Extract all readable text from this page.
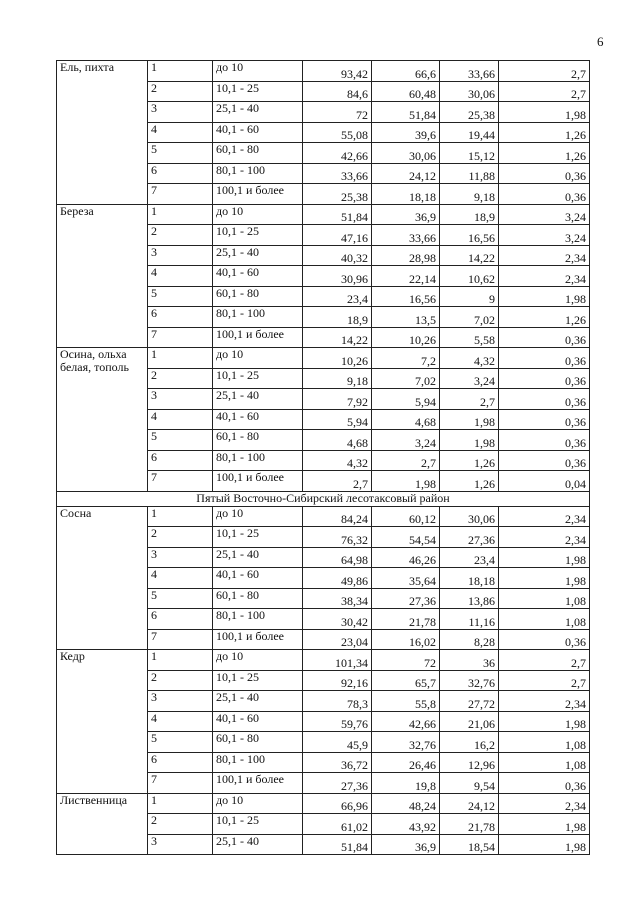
6
Ель, пихта	1	до 10	93,42	66,6	33,66	2,7
	2	10,1 - 25	84,6	60,48	30,06	2,7
	3	25,1 - 40	72	51,84	25,38	1,98
	4	40,1 - 60	55,08	39,6	19,44	1,26
	5	60,1 - 80	42,66	30,06	15,12	1,26
	6	80,1 - 100	33,66	24,12	11,88	0,36
	7	100,1 и более	25,38	18,18	9,18	0,36
Береза	1	до 10	51,84	36,9	18,9	3,24
	2	10,1 - 25	47,16	33,66	16,56	3,24
	3	25,1 - 40	40,32	28,98	14,22	2,34
	4	40,1 - 60	30,96	22,14	10,62	2,34
	5	60,1 - 80	23,4	16,56	9	1,98
	6	80,1 - 100	18,9	13,5	7,02	1,26
	7	100,1 и более	14,22	10,26	5,58	0,36
Осина, ольха белая, тополь	1	до 10	10,26	7,2	4,32	0,36
	2	10,1 - 25	9,18	7,02	3,24	0,36
	3	25,1 - 40	7,92	5,94	2,7	0,36
	4	40,1 - 60	5,94	4,68	1,98	0,36
	5	60,1 - 80	4,68	3,24	1,98	0,36
	6	80,1 - 100	4,32	2,7	1,26	0,36
	7	100,1 и более	2,7	1,98	1,26	0,04
Пятый Восточно-Сибирский лесотаксовый район						
Сосна	1	до 10	84,24	60,12	30,06	2,34
	2	10,1 - 25	76,32	54,54	27,36	2,34
	3	25,1 - 40	64,98	46,26	23,4	1,98
	4	40,1 - 60	49,86	35,64	18,18	1,98
	5	60,1 - 80	38,34	27,36	13,86	1,08
	6	80,1 - 100	30,42	21,78	11,16	1,08
	7	100,1 и более	23,04	16,02	8,28	0,36
Кедр	1	до 10	101,34	72	36	2,7
	2	10,1 - 25	92,16	65,7	32,76	2,7
	3	25,1 - 40	78,3	55,8	27,72	2,34
	4	40,1 - 60	59,76	42,66	21,06	1,98
	5	60,1 - 80	45,9	32,76	16,2	1,08
	6	80,1 - 100	36,72	26,46	12,96	1,08
	7	100,1 и более	27,36	19,8	9,54	0,36
Лиственница	1	до 10	66,96	48,24	24,12	2,34
	2	10,1 - 25	61,02	43,92	21,78	1,98
	3	25,1 - 40	51,84	36,9	18,54	1,98
